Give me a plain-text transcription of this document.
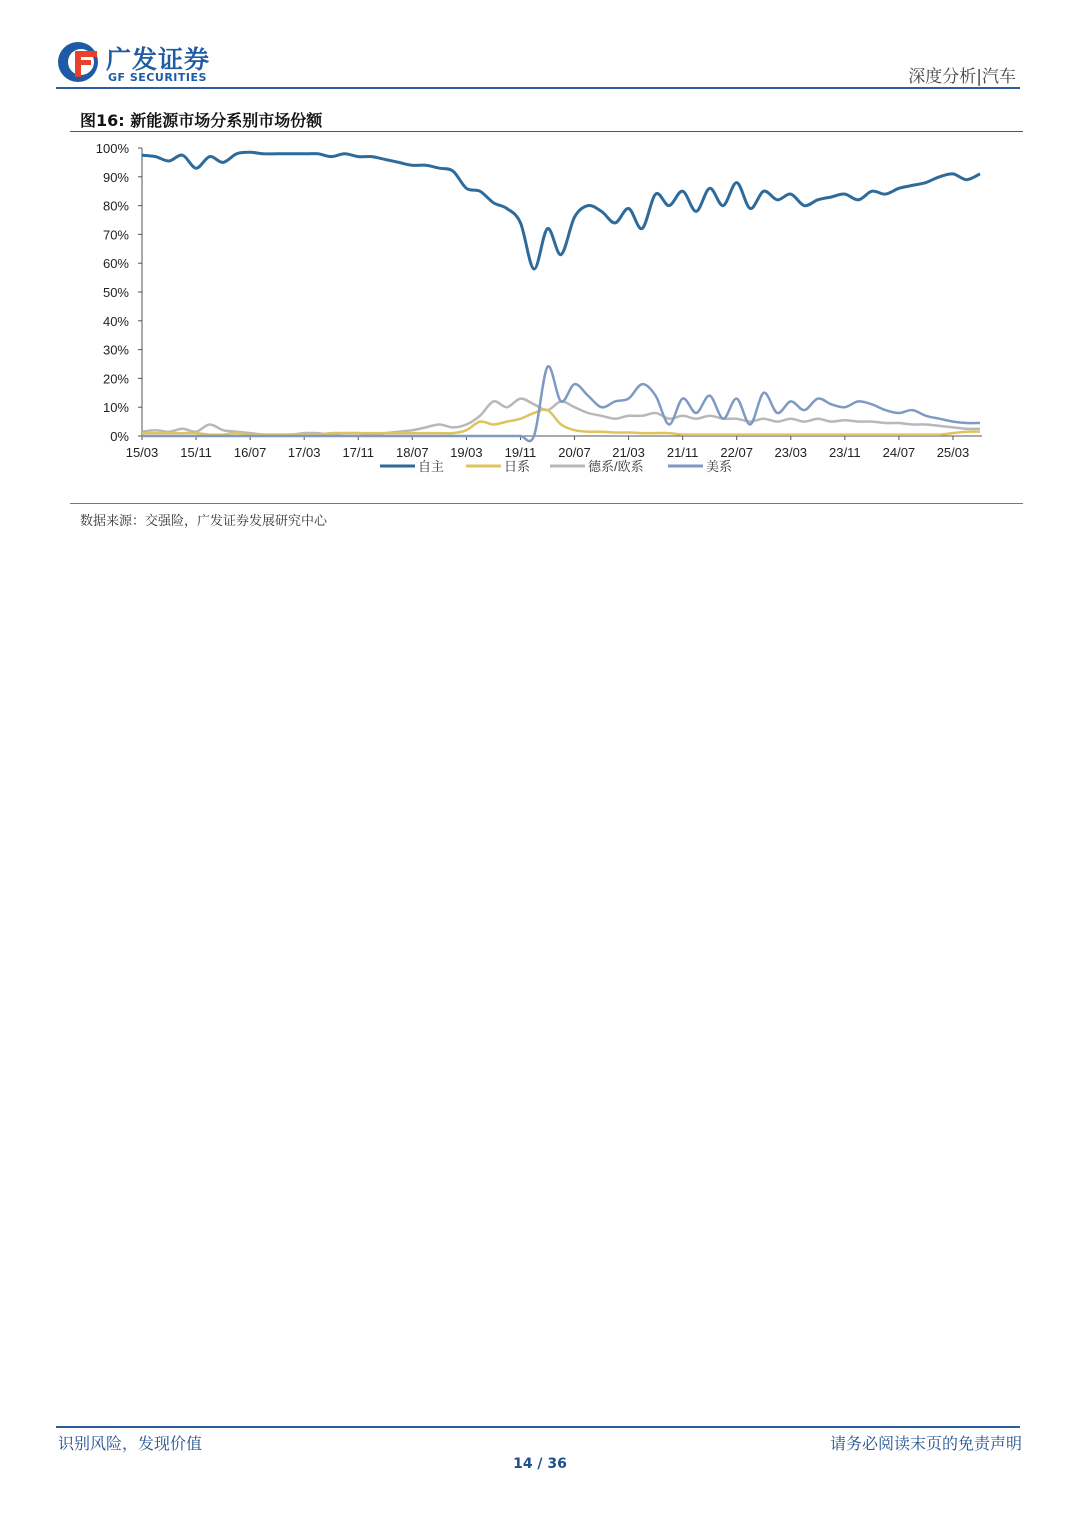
广发证券
GF SECURITIES	深度分析|汽车
图16: 新能源市场分系别市场份额
0%
10%
20%
30%
40%
50%
60%
70%
80%
90%
100%
15/03 15/11 16/07 17/03 17/11 18/07 19/03 19/11 20/07 21/03 21/11 22/07 23/03 23/11 24/07 25/03
自主	日系	德系/欧系	美系
数据来源：交强险，广发证券发展研究中心
识别风险，发现价值	请务必阅读末页的免责声明
14 / 36
